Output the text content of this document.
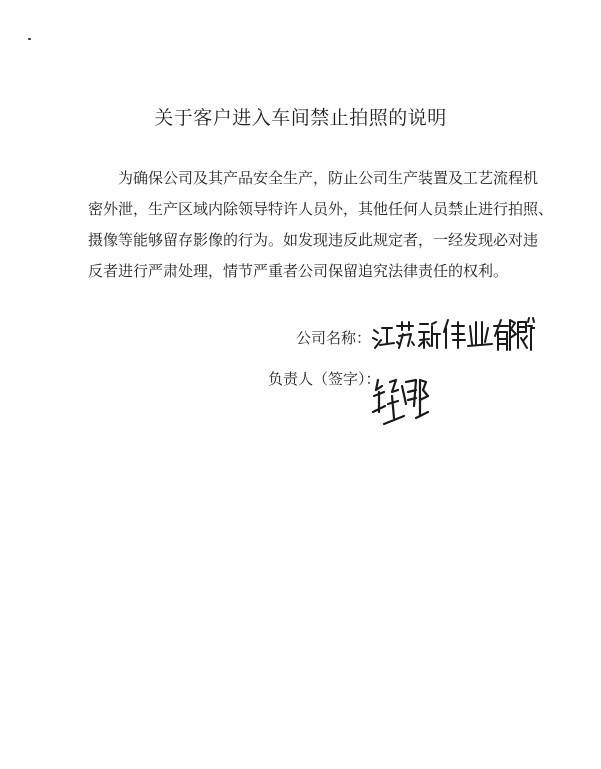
关于客户进入车间禁止拍照的说明

为确保公司及其产品安全生产，防止公司生产装置及工艺流程机
密外泄，生产区域内除领导特许人员外，其他任何人员禁止进行拍照、
摄像等能够留存影像的行为。如发现违反此规定者，一经发现必对违
反者进行严肃处理，情节严重者公司保留追究法律责任的权利。

公司名称：
负责人（签字）：
